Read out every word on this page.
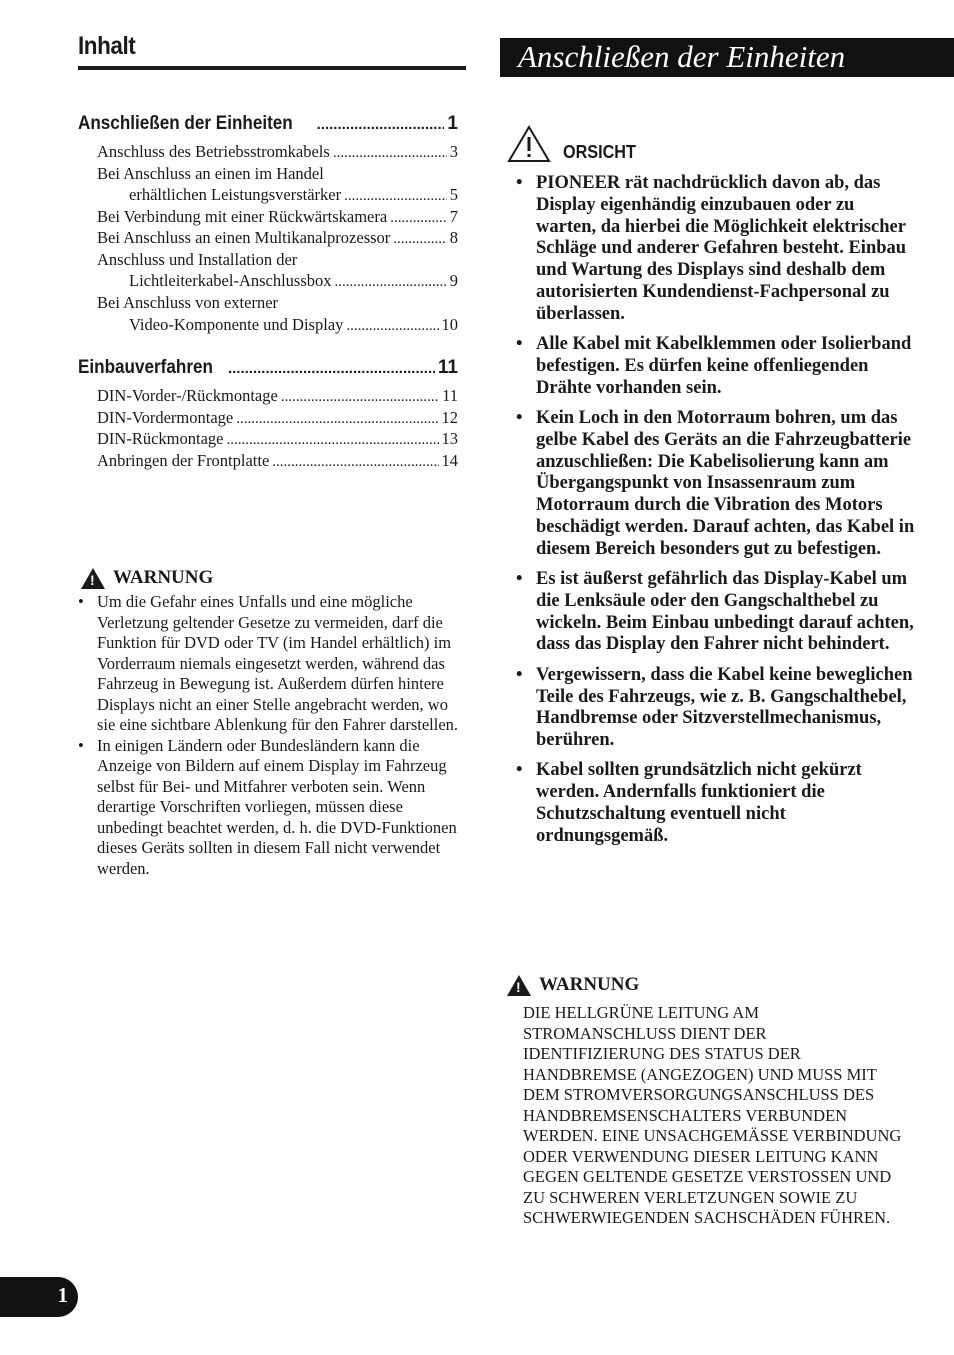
Inhalt	Anschließen der Einheiten
Anschließen der Einheiten .....	1
Anschluss des Betriebsstromkabels .....	3
Bei Anschluss an einen im Handel
erhältlichen Leistungsverstärker .....	5
Bei Verbindung mit einer Rückwärtskamera .....	7
Bei Anschluss an einen Multikanalprozessor .....	8
Anschluss und Installation der
Lichtleiterkabel-Anschlussbox .....	9
Bei Anschluss von externer
Video-Komponente und Display .....	10
Einbauverfahren .....	11
DIN-Vorder-/Rückmontage .....	11
DIN-Vordermontage .....	12
DIN-Rückmontage .....	13
Anbringen der Frontplatte .....	14
!
WARNUNG
• Um die Gefahr eines Unfalls und eine mögliche Verletzung geltender Gesetze zu vermeiden, darf die Funktion für DVD oder TV (im Handel erhältlich) im Vorderraum niemals eingesetzt werden, während das Fahrzeug in Bewegung ist. Außerdem dürfen hintere Displays nicht an einer Stelle angebracht werden, wo sie eine sichtbare Ablenkung für den Fahrer darstellen.
• In einigen Ländern oder Bundesländern kann die Anzeige von Bildern auf einem Display im Fahrzeug selbst für Bei- und Mitfahrer verboten sein. Wenn derartige Vorschriften vorliegen, müssen diese unbedingt beachtet werden, d. h. die DVD-Funktionen dieses Geräts sollten in diesem Fall nicht verwendet werden.
ORSICHT
• PIONEER rät nachdrücklich davon ab, das Display eigenhändig einzubauen oder zu warten, da hierbei die Möglichkeit elektrischer Schläge und anderer Gefahren besteht. Einbau und Wartung des Displays sind deshalb dem autorisierten Kundendienst-Fachpersonal zu überlassen.
• Alle Kabel mit Kabelklemmen oder Isolierband befestigen. Es dürfen keine offenliegenden Drähte vorhanden sein.
• Kein Loch in den Motorraum bohren, um das gelbe Kabel des Geräts an die Fahrzeugbatterie anzuschließen: Die Kabelisolierung kann am Übergangspunkt von Insassenraum zum Motorraum durch die Vibration des Motors beschädigt werden. Darauf achten, das Kabel in diesem Bereich besonders gut zu befestigen.
• Es ist äußerst gefährlich das Display-Kabel um die Lenksäule oder den Gangschalthebel zu wickeln. Beim Einbau unbedingt darauf achten, dass das Display den Fahrer nicht behindert.
• Vergewissern, dass die Kabel keine beweglichen Teile des Fahrzeugs, wie z. B. Gangschalthebel, Handbremse oder Sitzverstellmechanismus, berühren.
• Kabel sollten grundsätzlich nicht gekürzt werden. Andernfalls funktioniert die Schutzschaltung eventuell nicht ordnungsgemäß.
!
WARNUNG
DIE HELLGRÜNE LEITUNG AM STROMANSCHLUSS DIENT DER IDENTIFIZIERUNG DES STATUS DER HANDBREMSE (ANGEZOGEN) UND MUSS MIT DEM STROMVERSORGUNGSANSCHLUSS DES HANDBREMSENSCHALTERS VERBUNDEN WERDEN. EINE UNSACHGEMÄSSE VERBINDUNG ODER VERWENDUNG DIESER LEITUNG KANN GEGEN GELTENDE GESETZE VERSTOSSEN UND ZU SCHWEREN VERLETZUNGEN SOWIE ZU SCHWERWIEGENDEN SACHSCHÄDEN FÜHREN.
1
